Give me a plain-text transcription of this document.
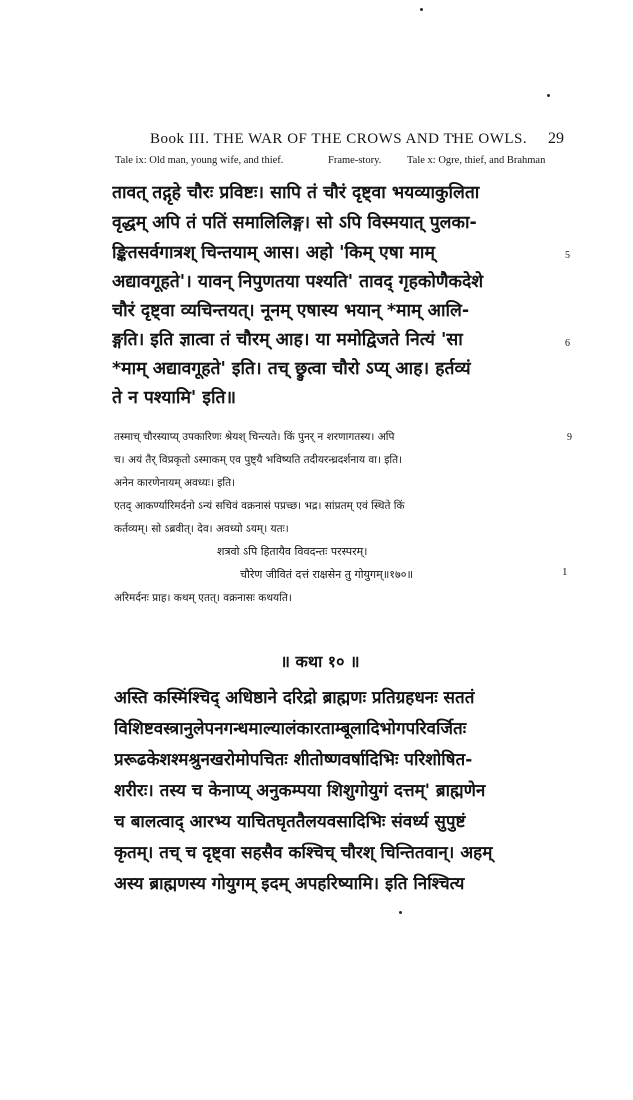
Book III. THE WAR OF THE CROWS AND THE OWLS.	29
Tale ix: Old man, young wife, and thief.	Frame-story. Tale x: Ogre, thief, and Brahman
तावत् तद्गृहे चौरः प्रविष्टः। सापि तं चौरं दृष्ट्वा भयव्याकुलिता
वृद्धम् अपि तं पतिं समालिलिङ्ग। सो ऽपि विस्मयात् पुलका-
ङ्कितसर्वगात्रश् चिन्तयाम् आस। अहो 'किम् एषा माम्
अद्यावगूहते'। यावन् निपुणतया पश्यति' तावद् गृहकोणैकदेशे
चौरं दृष्ट्वा व्यचिन्तयत्। नूनम् एषास्य भयान् *माम् आलि-
ङ्गति। इति ज्ञात्वा तं चौरम् आह। या ममोद्विजते नित्यं 'सा
*माम् अद्यावगूहते' इति। तच् छ्रुत्वा चौरो ऽप्य् आह। हर्तव्यं
ते न पश्यामि' इति॥
5
6
तस्माच् चौरस्याप्य् उपकारिणः श्रेयश् चिन्त्यते। किं पुनर् न शरणागतस्य। अपि
च। अयं तैर् विप्रकृतो ऽस्माकम् एव पुष्ट्यै भविष्यति तदीयरन्ध्रदर्शनाय वा। इति।
अनेन कारणेनायम् अवध्यः। इति।
एतद् आकर्ण्यारिमर्दनो ऽन्यं सचिवं वक्रनासं पप्रच्छ। भद्र। सांप्रतम् एवं स्थिते किं
कर्तव्यम्। सो ऽब्रवीत्। देव। अवध्यो ऽयम्। यतः।
9
शत्रवो ऽपि हितायैव विवदन्तः परस्परम्।
चौरेण जीवितं दत्तं राक्षसेन तु गोयुगम्॥१७०॥	1
अरिमर्दनः प्राह। कथम् एतत्। वक्रनासः कथयति।
॥ कथा १० ॥
अस्ति कस्मिंश्चिद् अधिष्ठाने दरिद्रो ब्राह्मणः प्रतिग्रहधनः सततं
विशिष्टवस्त्रानुलेपनगन्धमाल्यालंकारताम्बूलादिभोगपरिवर्जितः
प्ररूढकेशश्मश्रुनखरोमोपचितः शीतोष्णवर्षादिभिः परिशोषित-
शरीरः। तस्य च केनाप्य् अनुकम्पया शिशुगोयुगं दत्तम्' ब्राह्मणेन
च बालत्वाद् आरभ्य याचितघृततैलयवसादिभिः संवर्ध्य सुपुष्टं
कृतम्। तच् च दृष्ट्वा सहसैव कश्चिच् चौरश् चिन्तितवान्। अहम्
अस्य ब्राह्मणस्य गोयुगम् इदम् अपहरिष्यामि। इति निश्चित्य
